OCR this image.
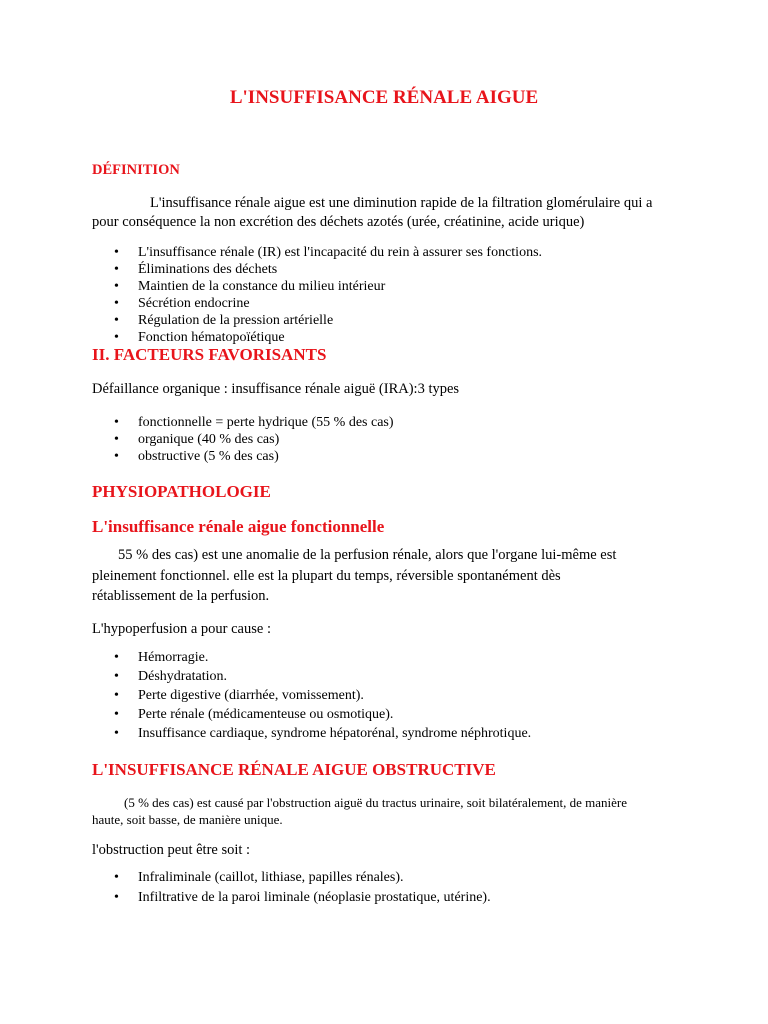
L'INSUFFISANCE RÉNALE AIGUE
DÉFINITION
L'insuffisance rénale aigue est une diminution rapide de la filtration glomérulaire qui a
pour conséquence la non excrétion des déchets azotés (urée, créatinine, acide urique)
• L'insuffisance rénale (IR) est l'incapacité du rein à assurer ses fonctions.
• Éliminations des déchets
• Maintien de la constance du milieu intérieur
• Sécrétion endocrine
• Régulation de la pression artérielle
• Fonction hématopoïétique
II. FACTEURS FAVORISANTS
Défaillance organique : insuffisance rénale aiguë (IRA):3 types
• fonctionnelle = perte hydrique (55 % des cas)
• organique (40 % des cas)
• obstructive (5 % des cas)
PHYSIOPATHOLOGIE
L'insuffisance rénale aigue fonctionnelle
55 % des cas) est une anomalie de la perfusion rénale, alors que l'organe lui-même est
pleinement fonctionnel. elle est la plupart du temps, réversible spontanément dès
rétablissement de la perfusion.
L'hypoperfusion a pour cause :
• Hémorragie.
• Déshydratation.
• Perte digestive (diarrhée, vomissement).
• Perte rénale (médicamenteuse ou osmotique).
• Insuffisance cardiaque, syndrome hépatorénal, syndrome néphrotique.
L'INSUFFISANCE RÉNALE AIGUE OBSTRUCTIVE
(5 % des cas) est causé par l'obstruction aiguë du tractus urinaire, soit bilatéralement, de manière
haute, soit basse, de manière unique.
l'obstruction peut être soit :
• Infraliminale (caillot, lithiase, papilles rénales).
• Infiltrative de la paroi liminale (néoplasie prostatique, utérine).
